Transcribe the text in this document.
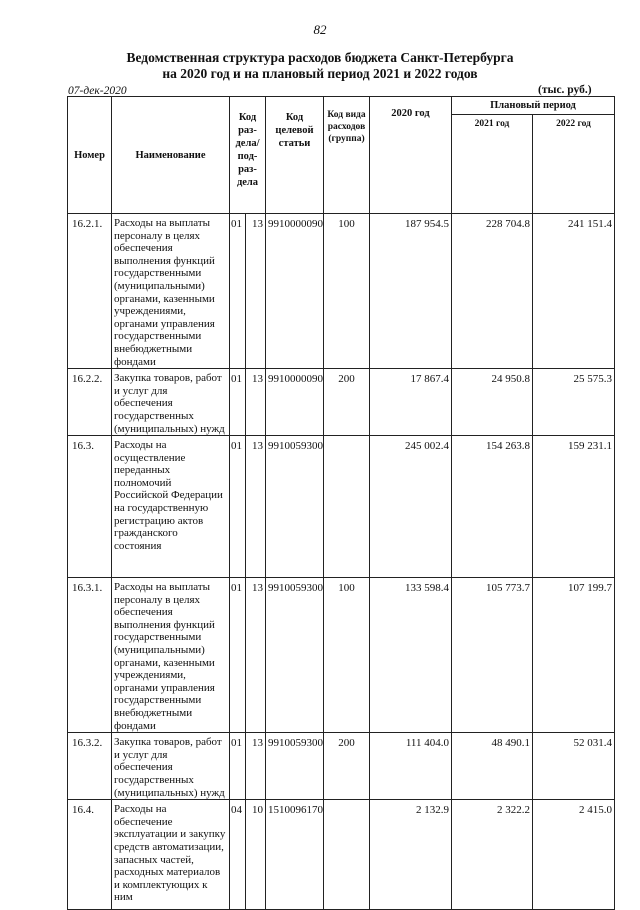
82
Ведомственная структура расходов бюджета Санкт-Петербурга
на 2020 год и на плановый период 2021 и 2022 годов
07-дек-2020	(тыс. руб.)
Номер	Наименование	Код раз-дела/ под-раз-дела		Код целевой статьи	Код вида расходов (группа)	2020 год	Плановый период	
							2021 год	2022 год
16.2.1.	Расходы на выплаты персоналу в целях обеспечения выполнения функций государственными (муниципальными) органами, казенными учреждениями, органами управления государственными внебюджетными фондами	01	13	9910000090	100	187 954.5	228 704.8	241 151.4
16.2.2.	Закупка товаров, работ и услуг для обеспечения государственных (муниципальных) нужд	01	13	9910000090	200	17 867.4	24 950.8	25 575.3
16.3.	Расходы на осуществление переданных полномочий Российской Федерации на государственную регистрацию актов гражданского состояния	01	13	9910059300		245 002.4	154 263.8	159 231.1
16.3.1.	Расходы на выплаты персоналу в целях обеспечения выполнения функций государственными (муниципальными) органами, казенными учреждениями, органами управления государственными внебюджетными фондами	01	13	9910059300	100	133 598.4	105 773.7	107 199.7
16.3.2.	Закупка товаров, работ и услуг для обеспечения государственных (муниципальных) нужд	01	13	9910059300	200	111 404.0	48 490.1	52 031.4
16.4.	Расходы на обеспечение эксплуатации и закупку средств автоматизации, запасных частей, расходных материалов и комплектующих к ним	04	10	1510096170		2 132.9	2 322.2	2 415.0
